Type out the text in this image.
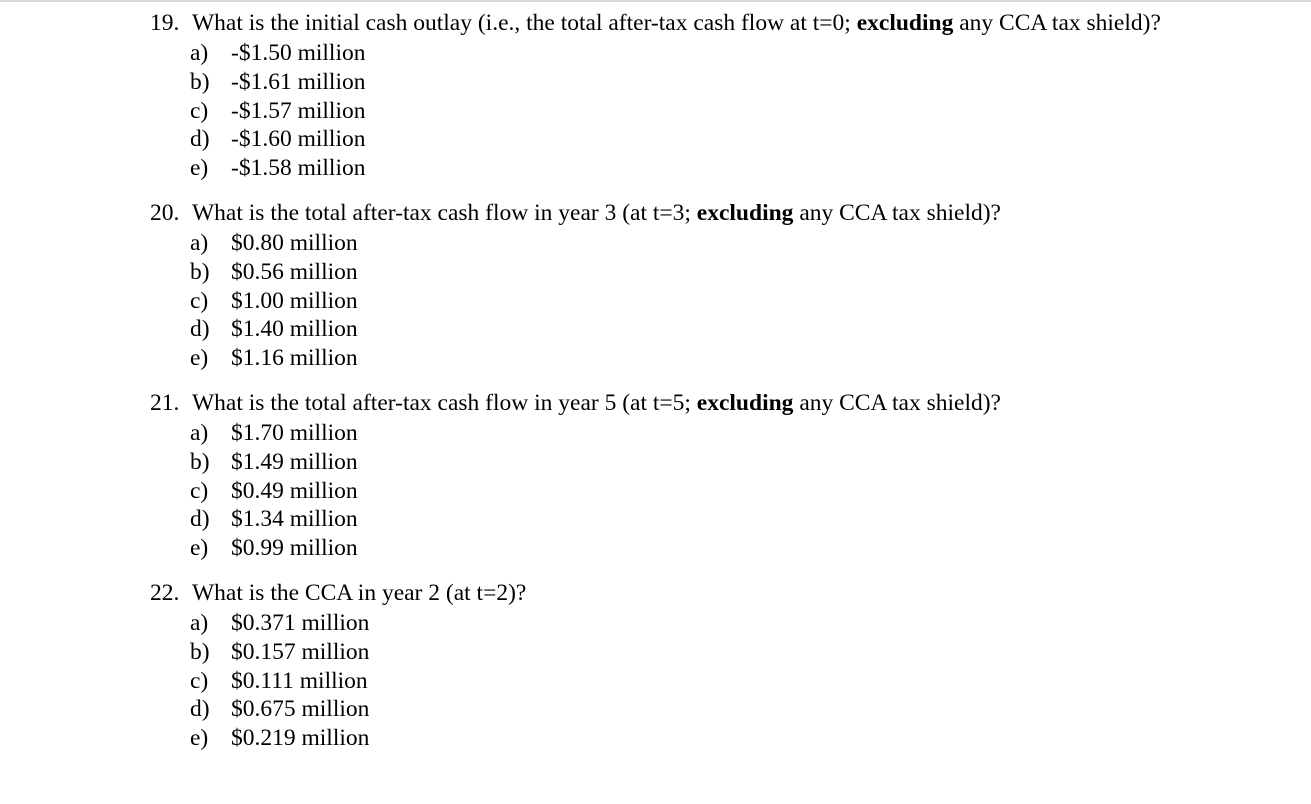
19. What is the initial cash outlay (i.e., the total after-tax cash flow at t=0; excluding any CCA tax shield)?
a) -$1.50 million
b) -$1.61 million
c) -$1.57 million
d) -$1.60 million
e) -$1.58 million
20. What is the total after-tax cash flow in year 3 (at t=3; excluding any CCA tax shield)?
a) $0.80 million
b) $0.56 million
c) $1.00 million
d) $1.40 million
e) $1.16 million
21. What is the total after-tax cash flow in year 5 (at t=5; excluding any CCA tax shield)?
a) $1.70 million
b) $1.49 million
c) $0.49 million
d) $1.34 million
e) $0.99 million
22. What is the CCA in year 2 (at t=2)?
a) $0.371 million
b) $0.157 million
c) $0.111 million
d) $0.675 million
e) $0.219 million
